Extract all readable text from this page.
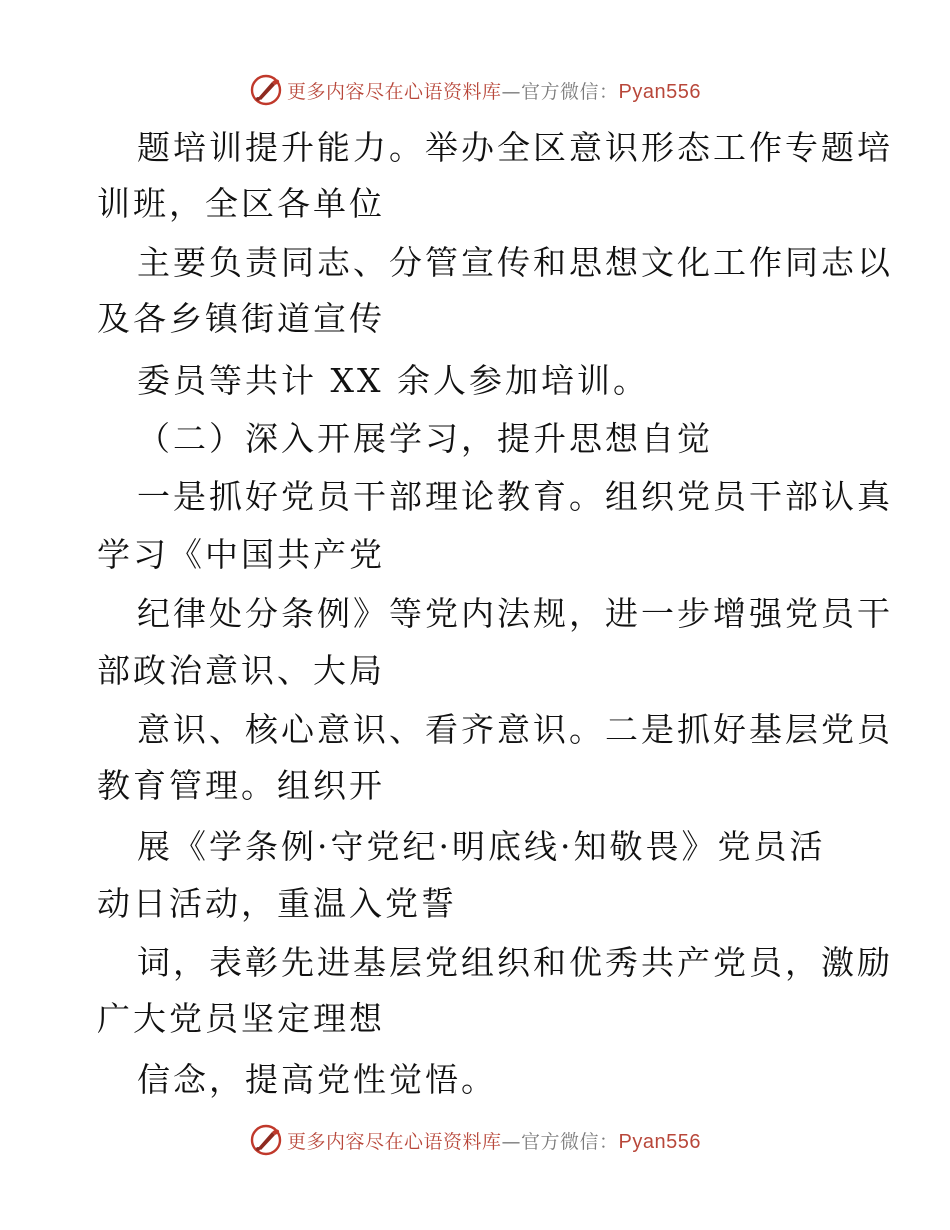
更多内容尽在心语资料库—官方微信：Pyan556
题培训提升能力。举办全区意识形态工作专题培
训班，全区各单位
主要负责同志、分管宣传和思想文化工作同志以
及各乡镇街道宣传
委员等共计 XX 余人参加培训。
（二）深入开展学习，提升思想自觉
一是抓好党员干部理论教育。组织党员干部认真
学习《中国共产党
纪律处分条例》等党内法规，进一步增强党员干
部政治意识、大局
意识、核心意识、看齐意识。二是抓好基层党员
教育管理。组织开
展《学条例·守党纪·明底线·知敬畏》党员活
动日活动，重温入党誓
词，表彰先进基层党组织和优秀共产党员，激励
广大党员坚定理想
信念，提高党性觉悟。
更多内容尽在心语资料库—官方微信：Pyan556
